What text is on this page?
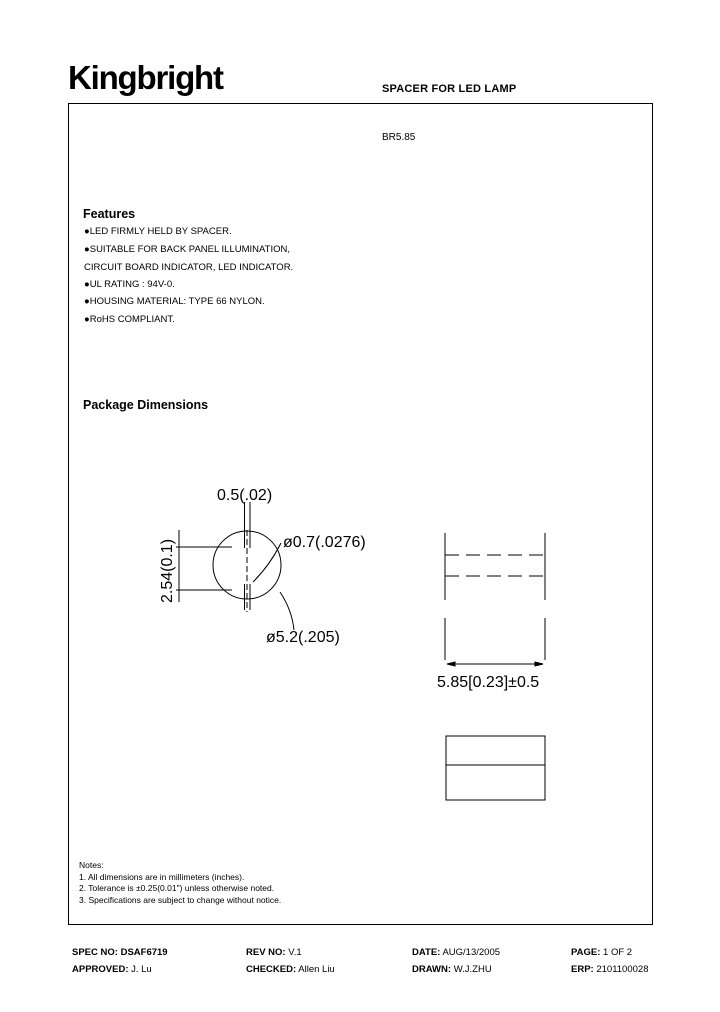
Kingbright	SPACER FOR LED LAMP
BR5.85
Features
●LED FIRMLY HELD BY SPACER.
●SUITABLE FOR BACK PANEL ILLUMINATION,
CIRCUIT BOARD INDICATOR, LED INDICATOR.
●UL RATING : 94V-0.
●HOUSING MATERIAL: TYPE 66 NYLON.
●RoHS COMPLIANT.
Package Dimensions
0.5(.02)
ø0.7(.0276)
ø5.2(.205)
2.54(0.1)
5.85[0.23]±0.5
Notes:
1. All dimensions are in millimeters (inches).
2. Tolerance is ±0.25(0.01") unless otherwise noted.
3. Specifications are subject to change without notice.
SPEC NO: DSAF6719	REV NO: V.1	DATE: AUG/13/2005	PAGE: 1 OF 2
APPROVED: J. Lu	CHECKED: Allen Liu	DRAWN: W.J.ZHU	ERP: 2101100028
